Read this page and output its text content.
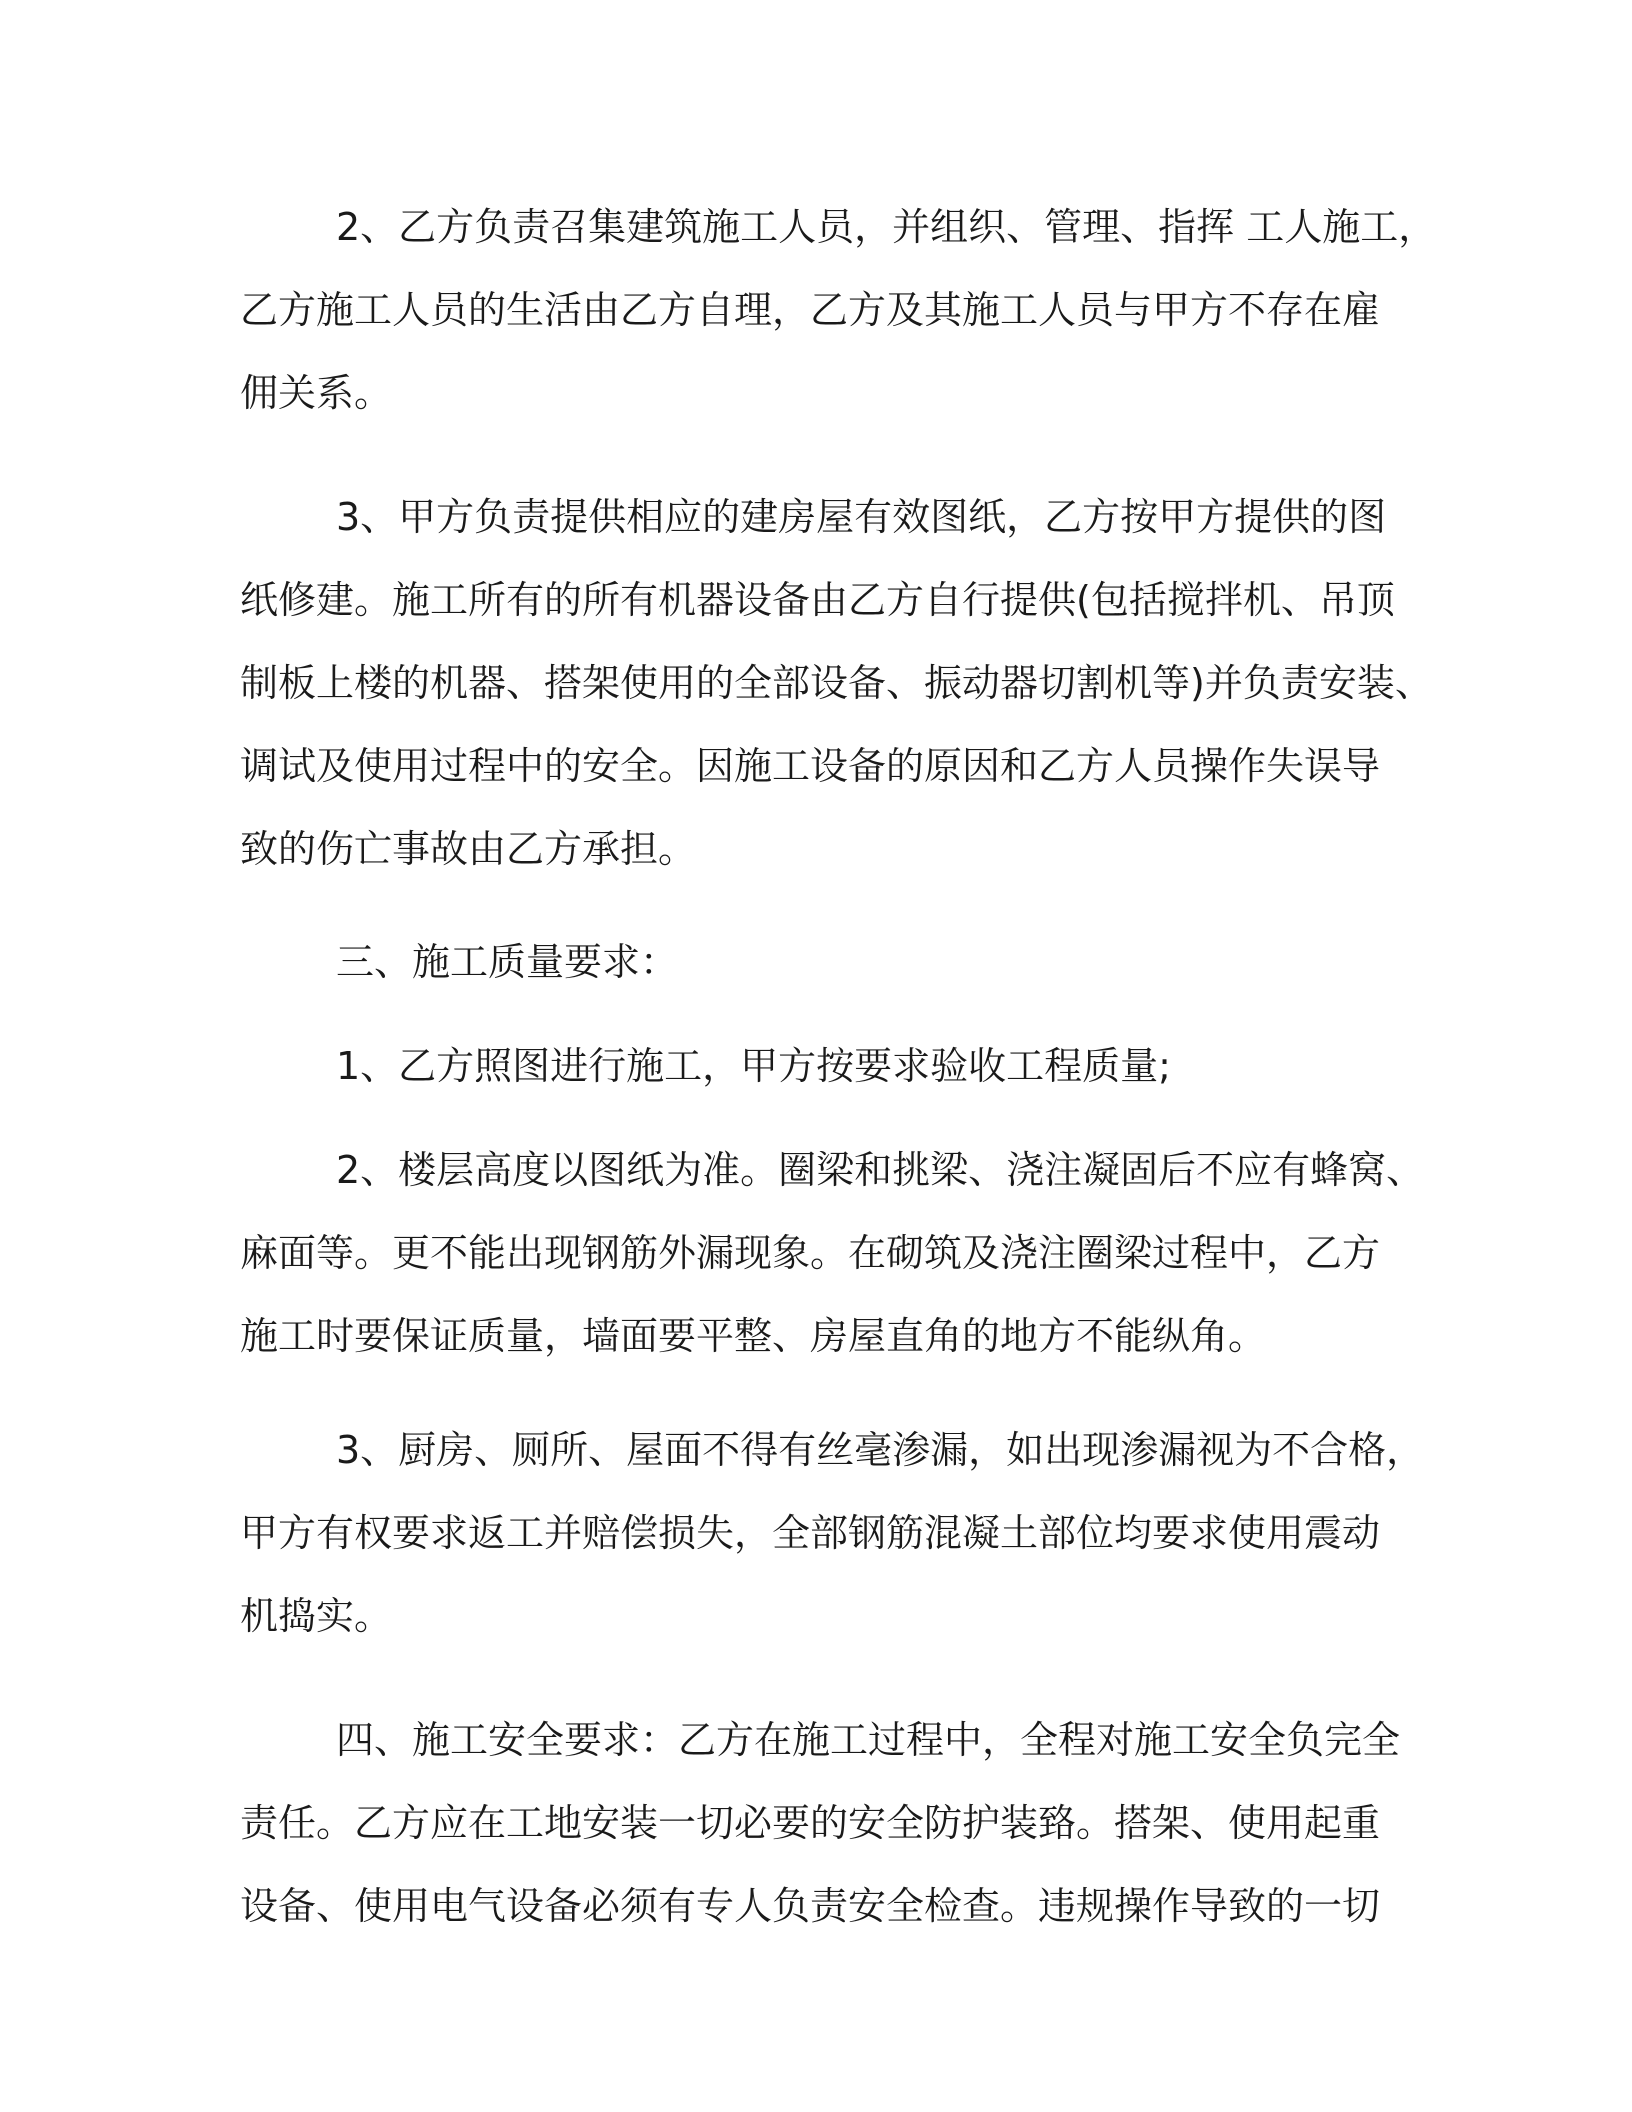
2、乙方负责召集建筑施工人员，并组织、管理、指挥 工人施工，
乙方施工人员的生活由乙方自理，乙方及其施工人员与甲方不存在雇
佣关系。

3、甲方负责提供相应的建房屋有效图纸，乙方按甲方提供的图
纸修建。施工所有的所有机器设备由乙方自行提供(包括搅拌机、吊顶
制板上楼的机器、搭架使用的全部设备、振动器切割机等)并负责安装、
调试及使用过程中的安全。因施工设备的原因和乙方人员操作失误导
致的伤亡事故由乙方承担。

三、施工质量要求：

1、乙方照图进行施工，甲方按要求验收工程质量;

2、楼层高度以图纸为准。圈梁和挑梁、浇注凝固后不应有蜂窝、
麻面等。更不能出现钢筋外漏现象。在砌筑及浇注圈梁过程中，乙方
施工时要保证质量，墙面要平整、房屋直角的地方不能纵角。

3、厨房、厕所、屋面不得有丝毫渗漏，如出现渗漏视为不合格，
甲方有权要求返工并赔偿损失，全部钢筋混凝土部位均要求使用震动
机捣实。

四、施工安全要求：乙方在施工过程中，全程对施工安全负完全
责任。乙方应在工地安装一切必要的安全防护装臵。搭架、使用起重
设备、使用电气设备必须有专人负责安全检查。违规操作导致的一切
